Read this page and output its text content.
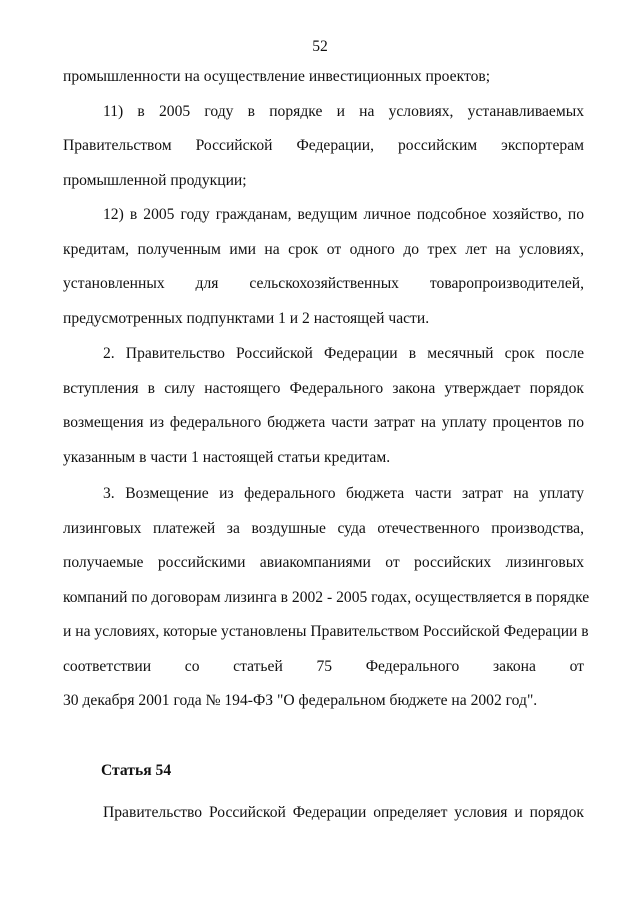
52
промышленности на осуществление инвестиционных проектов;
11) в 2005 году в порядке и на условиях, устанавливаемых
Правительством Российской Федерации, российским экспортерам
промышленной продукции;
12) в 2005 году гражданам, ведущим личное подсобное хозяйство, по
кредитам, полученным ими на срок от одного до трех лет на условиях,
установленных для сельскохозяйственных товаропроизводителей,
предусмотренных подпунктами 1 и 2 настоящей части.
2. Правительство Российской Федерации в месячный срок после
вступления в силу настоящего Федерального закона утверждает порядок
возмещения из федерального бюджета части затрат на уплату процентов по
указанным в части 1 настоящей статьи кредитам.
3. Возмещение из федерального бюджета части затрат на уплату
лизинговых платежей за воздушные суда отечественного производства,
получаемые российскими авиакомпаниями от российских лизинговых
компаний по договорам лизинга в 2002 - 2005 годах, осуществляется в порядке
и на условиях, которые установлены Правительством Российской Федерации в
соответствии со статьей 75 Федерального закона от
30 декабря 2001 года № 194-ФЗ "О федеральном бюджете на 2002 год".
Статья 54
Правительство Российской Федерации определяет условия и порядок
